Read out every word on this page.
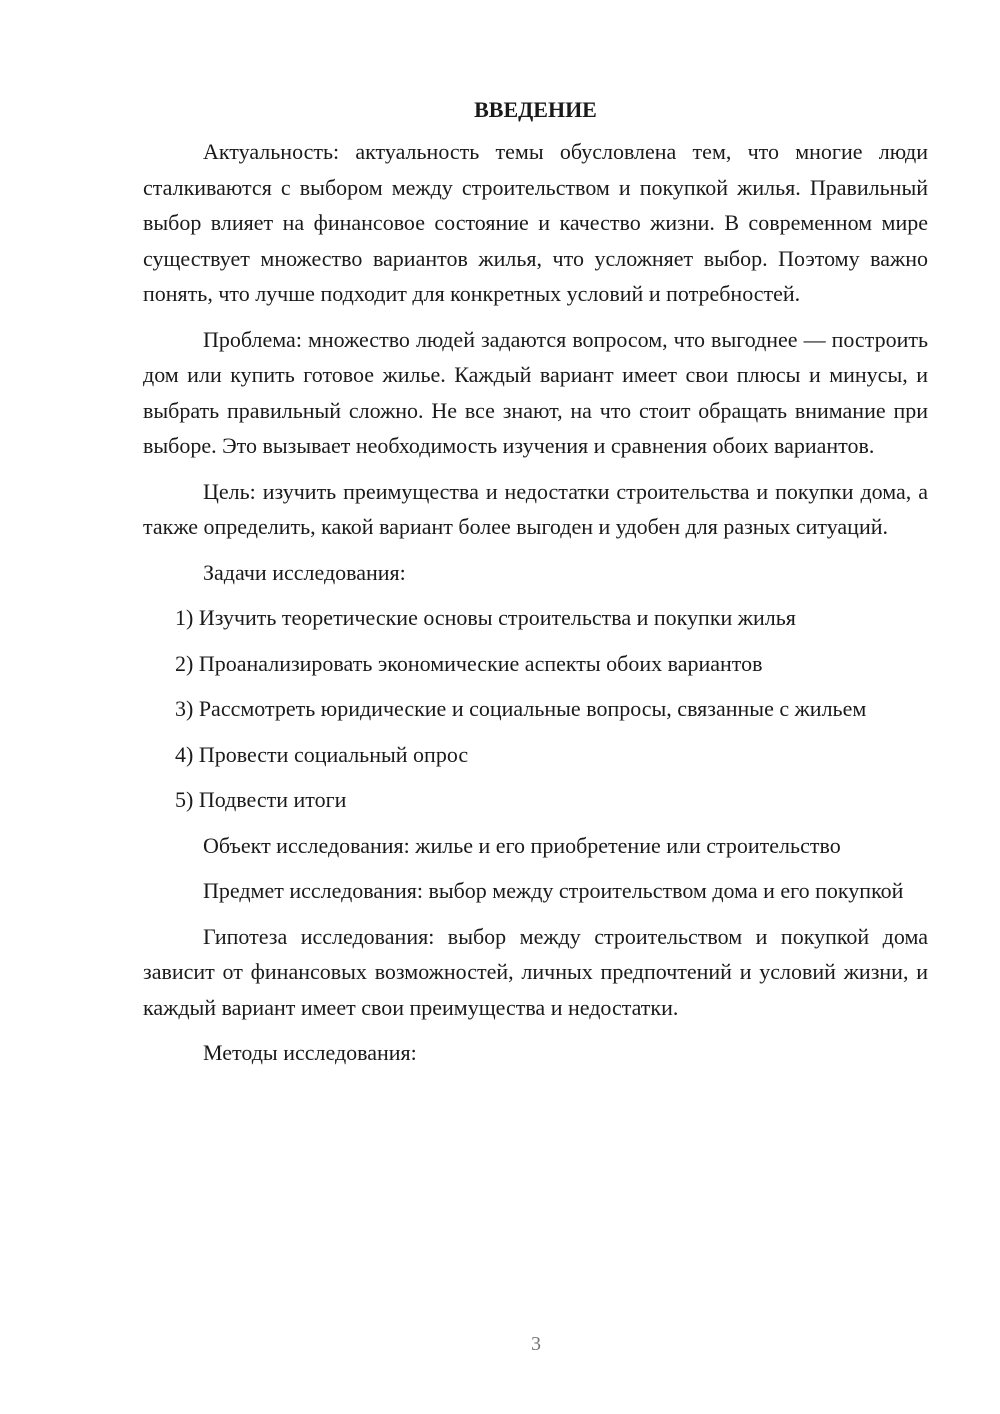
ВВЕДЕНИЕ

Актуальность: актуальность темы обусловлена тем, что многие люди сталкиваются с выбором между строительством и покупкой жилья. Правильный выбор влияет на финансовое состояние и качество жизни. В современном мире существует множество вариантов жилья, что усложняет выбор. Поэтому важно понять, что лучше подходит для конкретных условий и потребностей.

Проблема: множество людей задаются вопросом, что выгоднее — построить дом или купить готовое жилье. Каждый вариант имеет свои плюсы и минусы, и выбрать правильный сложно. Не все знают, на что стоит обращать внимание при выборе. Это вызывает необходимость изучения и сравнения обоих вариантов.

Цель: изучить преимущества и недостатки строительства и покупки дома, а также определить, какой вариант более выгоден и удобен для разных ситуаций.

Задачи исследования:

1) Изучить теоретические основы строительства и покупки жилья

2) Проанализировать экономические аспекты обоих вариантов

3) Рассмотреть юридические и социальные вопросы, связанные с жильем

4) Провести социальный опрос

5) Подвести итоги

Объект исследования: жилье и его приобретение или строительство

Предмет исследования: выбор между строительством дома и его покупкой

Гипотеза исследования: выбор между строительством и покупкой дома зависит от финансовых возможностей, личных предпочтений и условий жизни, и каждый вариант имеет свои преимущества и недостатки.

Методы исследования:

3
